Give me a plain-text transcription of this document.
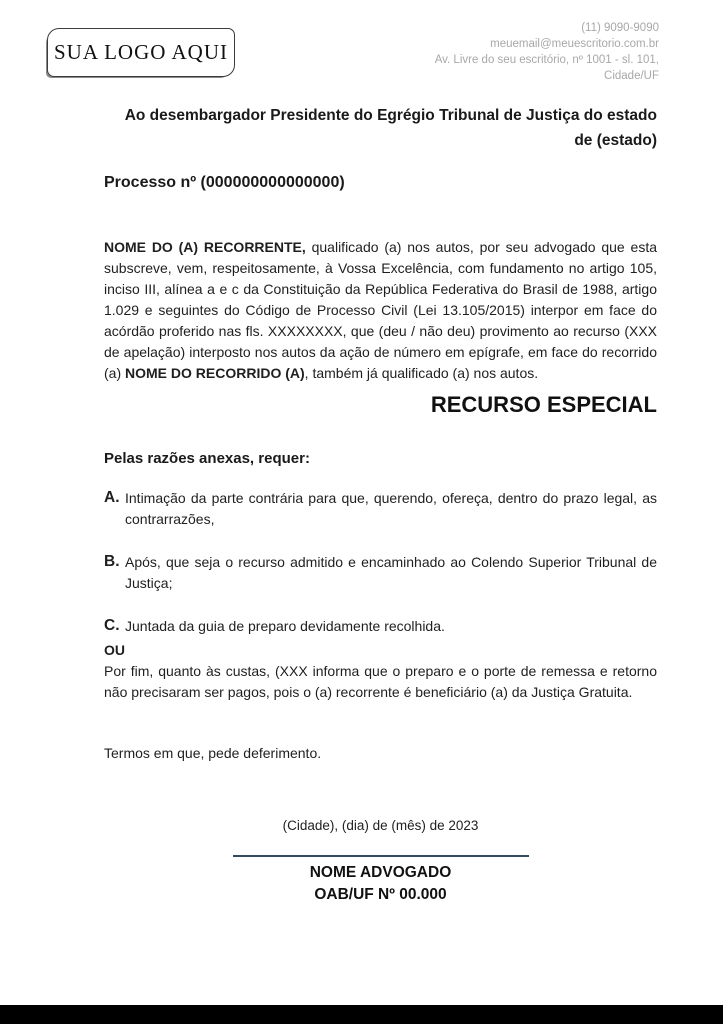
SUA LOGO AQUI
(11) 9090-9090
meuemail@meuescritorio.com.br
Av. Livre do seu escritório, nº 1001 - sl. 101,
Cidade/UF
Ao desembargador Presidente do Egrégio Tribunal de Justiça do estado de (estado)
Processo nº (000000000000000)
NOME DO (A) RECORRENTE, qualificado (a) nos autos, por seu advogado que esta subscreve, vem, respeitosamente, à Vossa Excelência, com fundamento no artigo 105, inciso III, alínea a e c da Constituição da República Federativa do Brasil de 1988, artigo 1.029 e seguintes do Código de Processo Civil (Lei 13.105/2015) interpor em face do acórdão proferido nas fls. XXXXXXXX, que (deu / não deu) provimento ao recurso (XXX de apelação) interposto nos autos da ação de número em epígrafe, em face do recorrido (a) NOME DO RECORRIDO (A), também já qualificado (a) nos autos.
RECURSO ESPECIAL
Pelas razões anexas, requer:
A. Intimação da parte contrária para que, querendo, ofereça, dentro do prazo legal, as contrarrazões,
B. Após, que seja o recurso admitido e encaminhado ao Colendo Superior Tribunal de Justiça;
C. Juntada da guia de preparo devidamente recolhida.
OU
Por fim, quanto às custas, (XXX informa que o preparo e o porte de remessa e retorno não precisaram ser pagos, pois o (a) recorrente é beneficiário (a) da Justiça Gratuita.
Termos em que, pede deferimento.
(Cidade), (dia) de (mês) de 2023
NOME ADVOGADO
OAB/UF Nº 00.000
